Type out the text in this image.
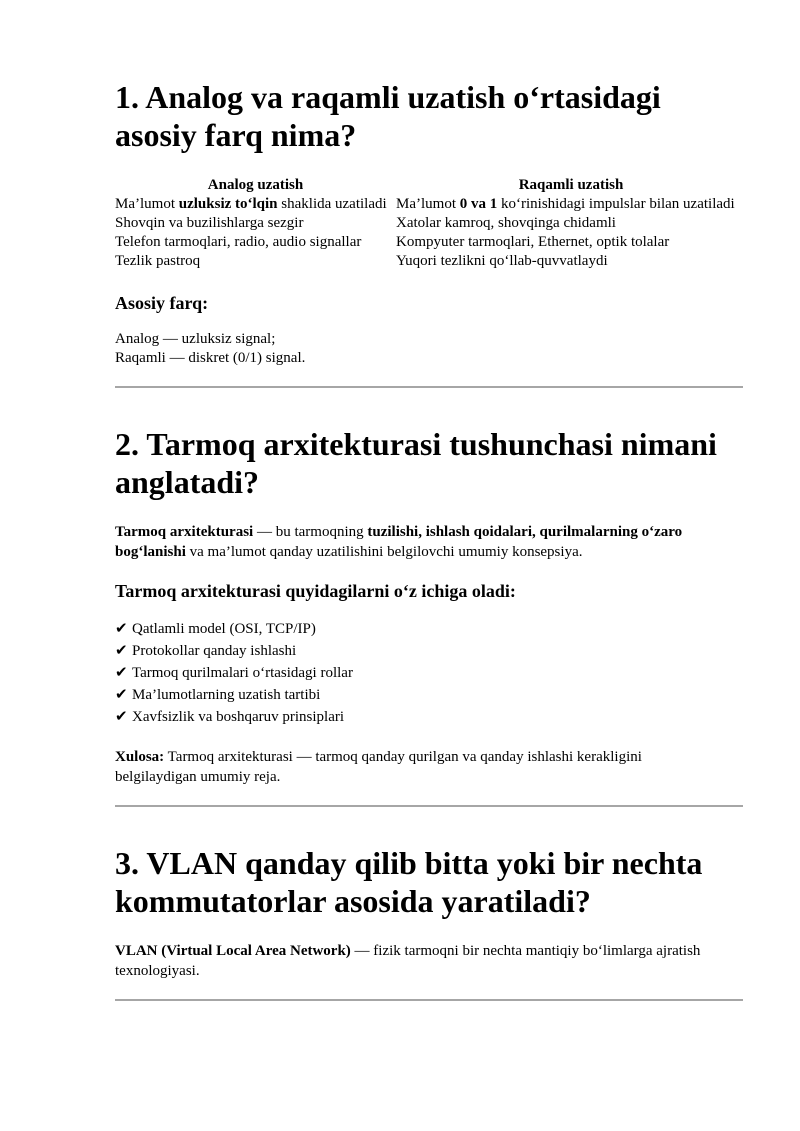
1. Analog va raqamli uzatish o‘rtasidagi asosiy farq nima?
Analog uzatish	Raqamli uzatish
Ma’lumot uzluksiz to‘lqin shaklida uzatiladi	Ma’lumot 0 va 1 ko‘rinishidagi impulslar bilan uzatiladi
Shovqin va buzilishlarga sezgir	Xatolar kamroq, shovqinga chidamli
Telefon tarmoqlari, radio, audio signallar	Kompyuter tarmoqlari, Ethernet, optik tolalar
Tezlik pastroq	Yuqori tezlikni qo‘llab-quvvatlaydi
Asosiy farq:

Analog — uzluksiz signal;
Raqamli — diskret (0/1) signal.

2. Tarmoq arxitekturasi tushunchasi nimani anglatadi?

Tarmoq arxitekturasi — bu tarmoqning tuzilishi, ishlash qoidalari, qurilmalarning o‘zaro bog‘lanishi va ma’lumot qanday uzatilishini belgilovchi umumiy konsepsiya.

Tarmoq arxitekturasi quyidagilarni o‘z ichiga oladi:
✔ Qatlamli model (OSI, TCP/IP)
✔ Protokollar qanday ishlashi
✔ Tarmoq qurilmalari o‘rtasidagi rollar
✔ Ma’lumotlarning uzatish tartibi
✔ Xavfsizlik va boshqaruv prinsiplari

Xulosa: Tarmoq arxitekturasi — tarmoq qanday qurilgan va qanday ishlashi kerakligini belgilaydigan umumiy reja.

3. VLAN qanday qilib bitta yoki bir nechta kommutatorlar asosida yaratiladi?

VLAN (Virtual Local Area Network) — fizik tarmoqni bir nechta mantiqiy bo‘limlarga ajratish texnologiyasi.
